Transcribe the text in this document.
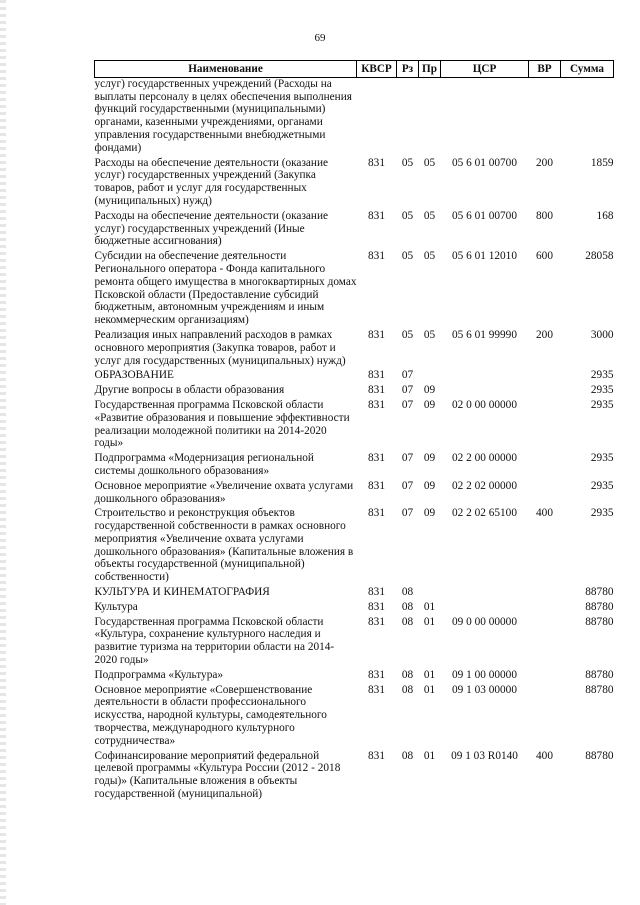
69
Наименование	КВСР	Рз	Пр	ЦСР	ВР	Сумма
услуг) государственных учреждений (Расходы на выплаты персоналу в целях обеспечения выполнения функций государственными (муниципальными) органами, казенными учреждениями, органами управления государственными внебюджетными фондами)						
Расходы на обеспечение деятельности (оказание услуг) государственных учреждений (Закупка товаров, работ и услуг для государственных (муниципальных) нужд)	831	05	05	05 6 01 00700	200	1859
Расходы на обеспечение деятельности (оказание услуг) государственных учреждений (Иные бюджетные ассигнования)	831	05	05	05 6 01 00700	800	168
Субсидии на обеспечение деятельности Регионального оператора - Фонда капитального ремонта общего имущества в многоквартирных домах Псковской области (Предоставление субсидий бюджетным, автономным учреждениям и иным некоммерческим организациям)	831	05	05	05 6 01 12010	600	28058
Реализация иных направлений расходов в рамках основного мероприятия (Закупка товаров, работ и услуг для государственных (муниципальных) нужд)	831	05	05	05 6 01 99990	200	3000
ОБРАЗОВАНИЕ	831	07				2935
Другие вопросы в области образования	831	07	09			2935
Государственная программа Псковской области «Развитие образования и повышение эффективности реализации молодежной политики на 2014-2020 годы»	831	07	09	02 0 00 00000		2935
Подпрограмма «Модернизация региональной системы дошкольного образования»	831	07	09	02 2 00 00000		2935
Основное мероприятие «Увеличение охвата услугами дошкольного образования»	831	07	09	02 2 02 00000		2935
Строительство и реконструкция объектов государственной собственности в рамках основного мероприятия «Увеличение охвата услугами дошкольного образования» (Капитальные вложения в объекты государственной (муниципальной) собственности)	831	07	09	02 2 02 65100	400	2935
КУЛЬТУРА И КИНЕМАТОГРАФИЯ	831	08				88780
Культура	831	08	01			88780
Государственная программа Псковской области «Культура, сохранение культурного наследия и развитие туризма на территории области на 2014-2020 годы»	831	08	01	09 0 00 00000		88780
Подпрограмма «Культура»	831	08	01	09 1 00 00000		88780
Основное мероприятие «Совершенствование деятельности в области профессионального искусства, народной культуры, самодеятельного творчества, международного культурного сотрудничества»	831	08	01	09 1 03 00000		88780
Софинансирование мероприятий федеральной целевой программы «Культура России (2012 - 2018 годы)» (Капитальные вложения в объекты государственной (муниципальной)	831	08	01	09 1 03 R0140	400	88780
